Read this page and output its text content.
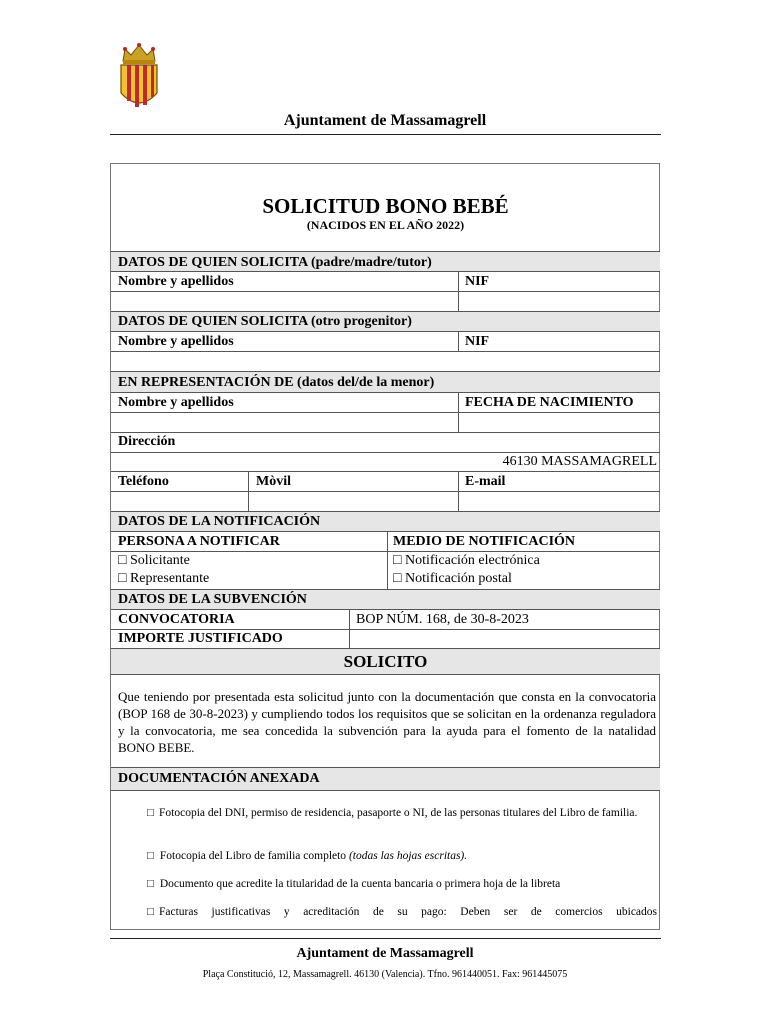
Ajuntament de Massamagrell
SOLICITUD BONO BEBÉ
(NACIDOS EN EL AÑO 2022)
DATOS DE QUIEN SOLICITA (padre/madre/tutor)
Nombre y apellidos	NIF
DATOS DE QUIEN SOLICITA (otro progenitor)
Nombre y apellidos	NIF
EN REPRESENTACIÓN DE (datos del/de la menor)
Nombre y apellidos	FECHA DE NACIMIENTO
Dirección
46130 MASSAMAGRELL
Teléfono	Mòvil	E-mail
DATOS DE LA NOTIFICACIÓN
PERSONA A NOTIFICAR	MEDIO DE NOTIFICACIÓN
□ Solicitante
□ Representante
□ Notificación electrónica
□ Notificación postal
DATOS DE LA SUBVENCIÓN
CONVOCATORIA	BOP NÚM. 168, de 30-8-2023
IMPORTE JUSTIFICADO
SOLICITO
Que teniendo por presentada esta solicitud junto con la documentación que consta en la convocatoria (BOP 168 de 30-8-2023) y cumpliendo todos los requisitos que se solicitan en la ordenanza reguladora y la convocatoria, me sea concedida la subvención para la ayuda para el fomento de la natalidad BONO BEBE.
DOCUMENTACIÓN ANEXADA
□ Fotocopia del DNI, permiso de residencia, pasaporte o NI, de las personas titulares del Libro de familia.
□ Fotocopia del Libro de familia completo (todas las hojas escritas).
□ Documento que acredite la titularidad de la cuenta bancaria o primera hoja de la libreta
□ Facturas justificativas y acreditación de su pago: Deben ser de comercios ubicados
Ajuntament de Massamagrell
Plaça Constitució, 12, Massamagrell. 46130 (Valencia). Tfno. 961440051. Fax: 961445075
